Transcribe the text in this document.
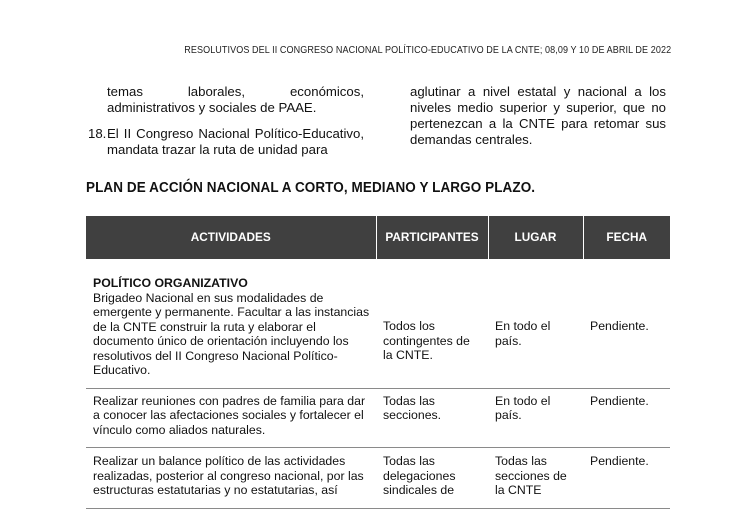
RESOLUTIVOS DEL II CONGRESO NACIONAL POLÍTICO-EDUCATIVO DE LA CNTE; 08,09 Y 10 DE ABRIL DE 2022
temas laborales, económicos, administrativos y sociales de PAAE.
18. El II Congreso Nacional Político-Educativo, mandata trazar la ruta de unidad para
aglutinar a nivel estatal y nacional a los niveles medio superior y superior, que no pertenezcan a la CNTE para retomar sus demandas centrales.
PLAN DE ACCIÓN NACIONAL A CORTO, MEDIANO Y LARGO PLAZO.
ACTIVIDADES	PARTICIPANTES	LUGAR	FECHA

POLÍTICO ORGANIZATIVO
Brigadeo Nacional en sus modalidades de emergente y permanente. Facultar a las instancias de la CNTE construir la ruta y elaborar el documento único de orientación incluyendo los resolutivos del II Congreso Nacional Político-Educativo.	Todos los contingentes de la CNTE.	En todo el país.	Pendiente.
Realizar reuniones con padres de familia para dar a conocer las afectaciones sociales y fortalecer el vínculo como aliados naturales.	Todas las secciones.	En todo el país.	Pendiente.
Realizar un balance político de las actividades realizadas, posterior al congreso nacional, por las estructuras estatutarias y no estatutarias, así	Todas las delegaciones sindicales de	Todas las secciones de la CNTE	Pendiente.
